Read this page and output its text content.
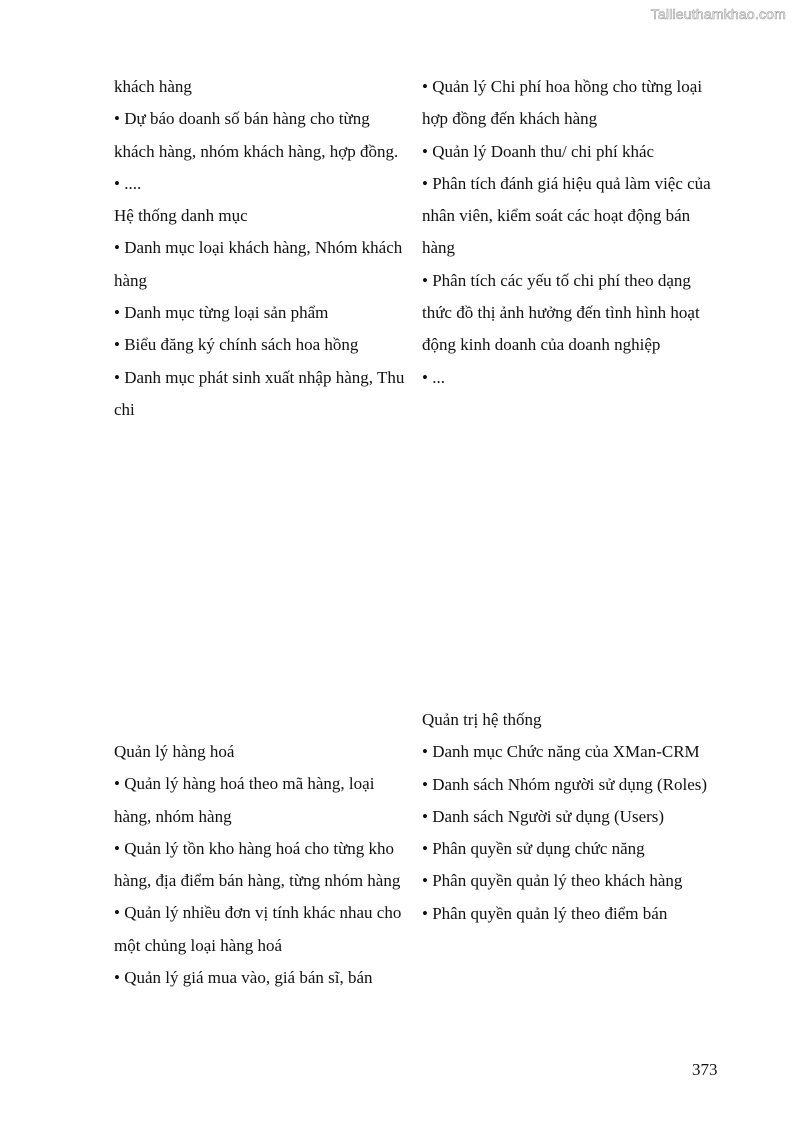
Tailieuthamkhao.com

khách hàng

• Dự báo doanh số bán hàng cho từng khách hàng, nhóm khách hàng, hợp đồng.

• ....

Hệ thống danh mục

• Danh mục loại khách hàng, Nhóm khách hàng

• Danh mục từng loại sản phẩm

• Biểu đăng ký chính sách hoa hồng

• Danh mục phát sinh xuất nhập hàng, Thu chi

• Quản lý Chi phí hoa hồng cho từng loại hợp đồng đến khách hàng

• Quản lý Doanh thu/ chi phí khác

• Phân tích đánh giá hiệu quả làm việc của nhân viên, kiểm soát các hoạt động bán hàng

• Phân tích các yếu tố chi phí theo dạng thức đồ thị ảnh hưởng đến tình hình hoạt động kinh doanh của doanh nghiệp

• ...

Quản lý hàng hoá

• Quản lý hàng hoá theo mã hàng, loại hàng, nhóm hàng

• Quản lý tồn kho hàng hoá cho từng kho hàng, địa điểm bán hàng, từng nhóm hàng

• Quản lý nhiều đơn vị tính khác nhau cho một chủng loại hàng hoá

• Quản lý giá mua vào, giá bán sĩ, bán

Quản trị hệ thống

• Danh mục Chức năng của XMan-CRM

• Danh sách Nhóm người sử dụng (Roles)

• Danh sách Người sử dụng (Users)

• Phân quyền sử dụng chức năng

• Phân quyền quản lý theo khách hàng

• Phân quyền quản lý theo điểm bán

373
